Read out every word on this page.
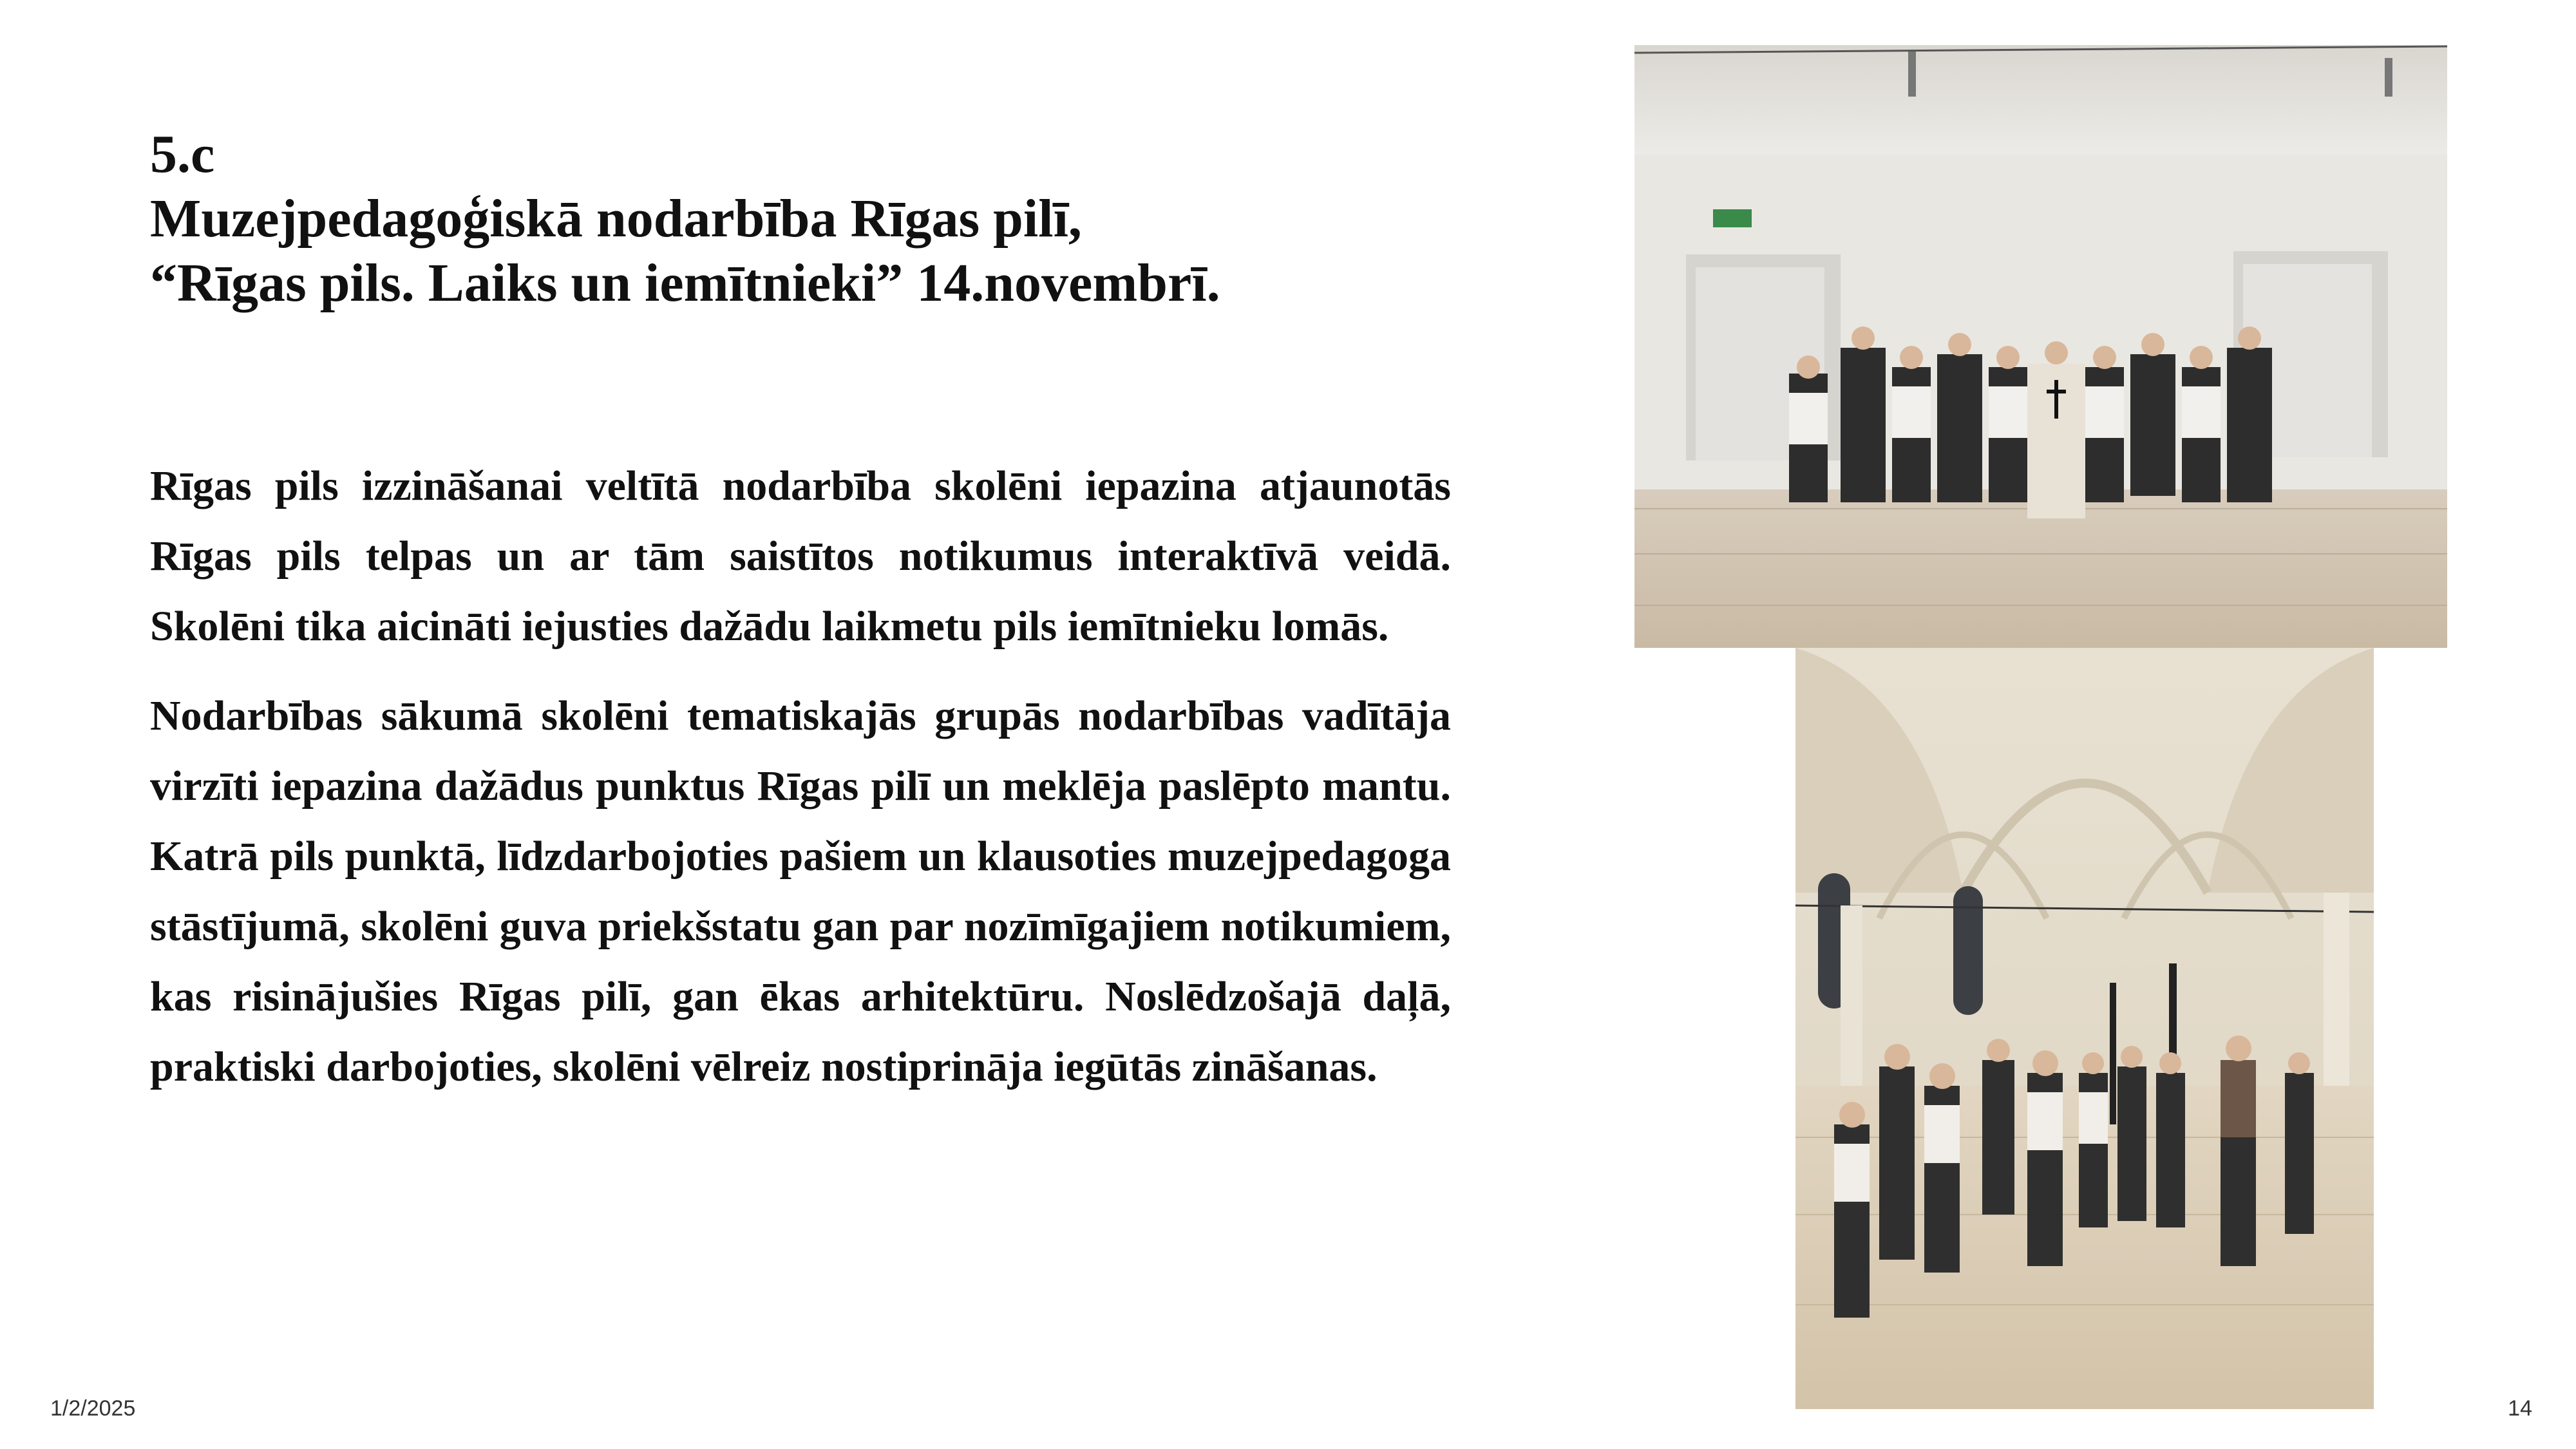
5.c
Muzejpedagoģiskā nodarbība Rīgas pilī,
“Rīgas pils. Laiks un iemītnieki” 14.novembrī.

Rīgas pils izzināšanai veltītā nodarbība skolēni iepazina atjaunotās Rīgas pils telpas un ar tām saistītos notikumus interaktīvā veidā. Skolēni tika aicināti iejusties dažādu laikmetu pils iemītnieku lomās.

Nodarbības sākumā skolēni tematiskajās grupās nodarbības vadītāja virzīti iepazina dažādus punktus Rīgas pilī un meklēja paslēpto mantu. Katrā pils punktā, līdzdarbojoties pašiem un klausoties muzejpedagoga stāstījumā, skolēni guva priekšstatu gan par nozīmīgajiem notikumiem, kas risinājušies Rīgas pilī, gan ēkas arhitektūru. Noslēdzošajā daļā, praktiski darbojoties, skolēni vēlreiz nostiprināja iegūtās zināšanas.

1/2/2025	14
